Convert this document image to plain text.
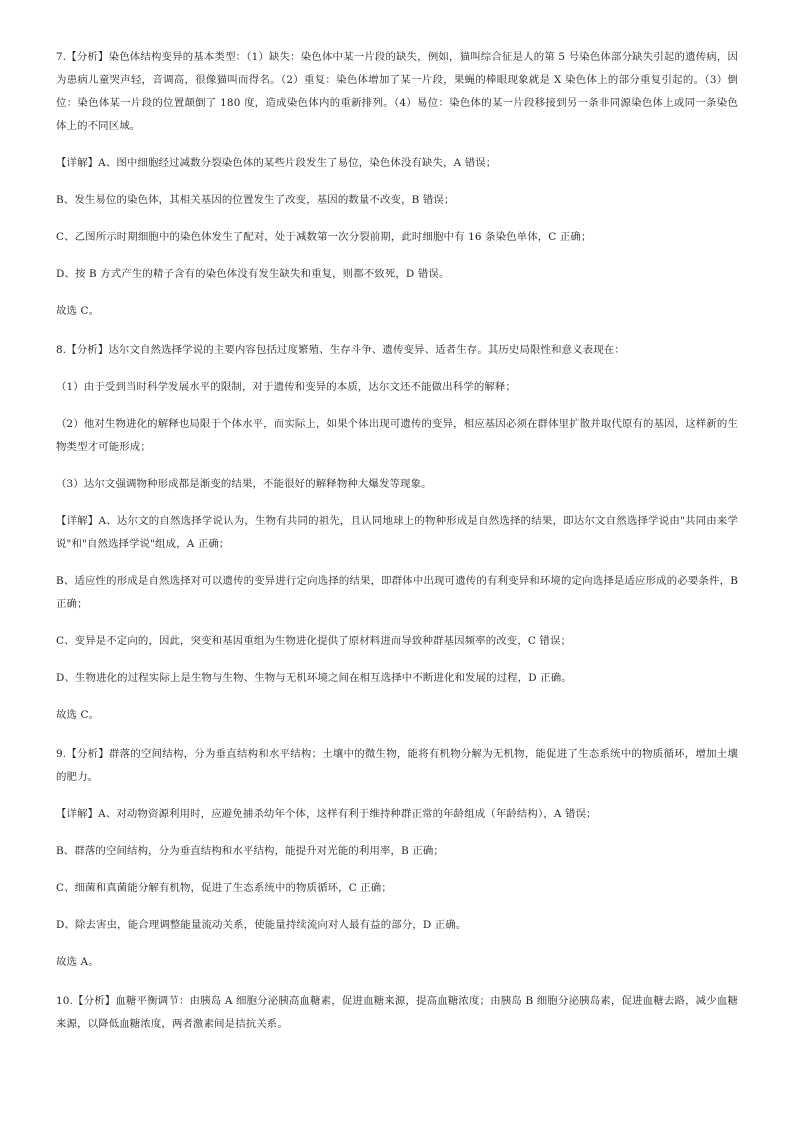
7.【分析】染色体结构变异的基本类型：（1）缺失：染色体中某一片段的缺失，例如，猫叫综合征是人的第 5 号染色体部分缺失引起的遗传病，因为患病儿童哭声轻，音调高，很像猫叫而得名。（2）重复：染色体增加了某一片段，果蝇的棒眼现象就是 X 染色体上的部分重复引起的。（3）倒位：染色体某一片段的位置颠倒了 180 度，造成染色体内的重新排列。（4）易位：染色体的某一片段移接到另一条非同源染色体上或同一条染色体上的不同区域。

【详解】A、图中细胞经过减数分裂染色体的某些片段发生了易位，染色体没有缺失，A 错误；

B、发生易位的染色体，其相关基因的位置发生了改变，基因的数量不改变，B 错误；

C、乙图所示时期细胞中的染色体发生了配对，处于减数第一次分裂前期，此时细胞中有 16 条染色单体，C 正确；

D、按 B 方式产生的精子含有的染色体没有发生缺失和重复，则都不致死，D 错误。

故选 C。

8.【分析】达尔文自然选择学说的主要内容包括过度繁殖、生存斗争、遗传变异、适者生存。其历史局限性和意义表现在：

（1）由于受到当时科学发展水平的限制，对于遗传和变异的本质，达尔文还不能做出科学的解释；

（2）他对生物进化的解释也局限于个体水平，而实际上，如果个体出现可遗传的变异，相应基因必须在群体里扩散并取代原有的基因，这样新的生物类型才可能形成；

（3）达尔文强调物种形成都是渐变的结果，不能很好的解释物种大爆发等现象。

【详解】A、达尔文的自然选择学说认为，生物有共同的祖先，且认同地球上的物种形成是自然选择的结果，即达尔文自然选择学说由"共同由来学说"和"自然选择学说"组成，A 正确；

B、适应性的形成是自然选择对可以遗传的变异进行定向选择的结果，即群体中出现可遗传的有利变异和环境的定向选择是适应形成的必要条件，B 正确；

C、变异是不定向的，因此，突变和基因重组为生物进化提供了原材料进而导致种群基因频率的改变，C 错误；

D、生物进化的过程实际上是生物与生物、生物与无机环境之间在相互选择中不断进化和发展的过程，D 正确。

故选 C。

9.【分析】群落的空间结构，分为垂直结构和水平结构；土壤中的微生物，能将有机物分解为无机物，能促进了生态系统中的物质循环，增加土壤的肥力。

【详解】A、对动物资源利用时，应避免捕杀幼年个体，这样有利于维持种群正常的年龄组成（年龄结构），A 错误；

B、群落的空间结构，分为垂直结构和水平结构，能提升对光能的利用率，B 正确；

C、细菌和真菌能分解有机物，促进了生态系统中的物质循环，C 正确；

D、除去害虫，能合理调整能量流动关系，使能量持续流向对人最有益的部分，D 正确。

故选 A。

10.【分析】血糖平衡调节：由胰岛 A 细胞分泌胰高血糖素，促进血糖来源，提高血糖浓度；由胰岛 B 细胞分泌胰岛素，促进血糖去路，减少血糖来源，以降低血糖浓度，两者激素间是拮抗关系。
